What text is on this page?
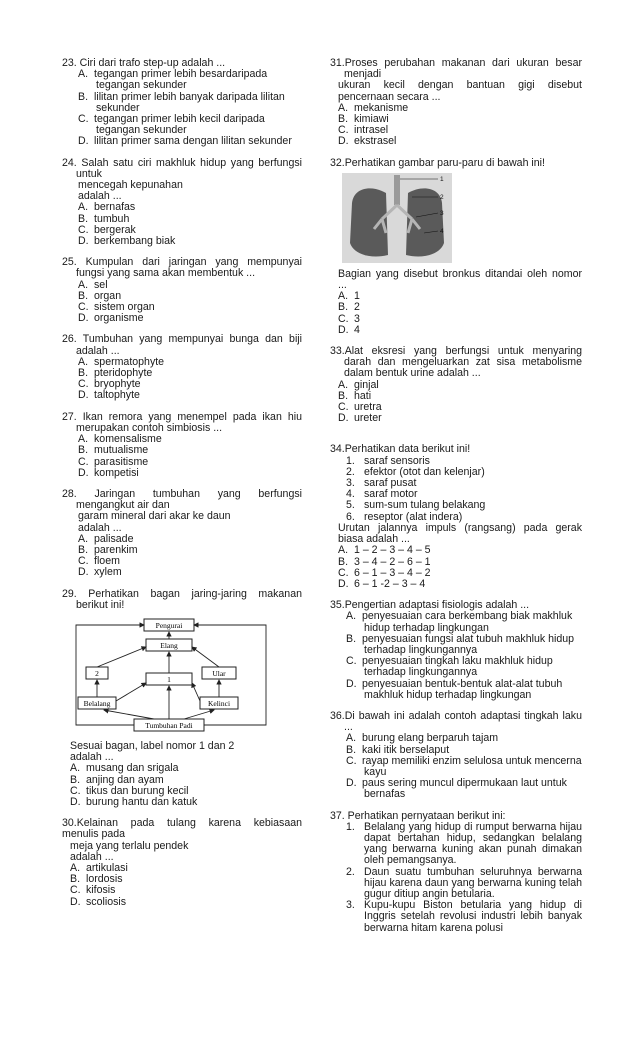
23. Ciri dari trafo step-up adalah ...

A. tegangan primer lebih besardaripada tegangan sekunder

B. lilitan primer lebih banyak daripada lilitan sekunder

C. tegangan primer lebih kecil daripada tegangan sekunder

D. lilitan primer sama dengan lilitan sekunder

24. Salah satu ciri makhluk hidup yang berfungsi untuk

mencegah kepunahan

adalah ...

A. bernafas

B. tumbuh

C. bergerak

D. berkembang biak

25. Kumpulan dari jaringan yang mempunyai fungsi yang sama akan membentuk ...

A. sel

B. organ

C. sistem organ

D. organisme

26. Tumbuhan yang mempunyai bunga dan biji adalah ...

A. spermatophyte

B. pteridophyte

C. bryophyte

D. taltophyte

27. Ikan remora yang menempel pada ikan hiu merupakan contoh simbiosis ...

A. komensalisme

B. mutualisme

C. parasitisme

D. kompetisi

28. Jaringan tumbuhan yang berfungsi mengangkut air dan

garam mineral dari akar ke daun

adalah ...

A. palisade

B. parenkim

C. floem

D. xylem

29. Perhatikan bagan jaring-jaring makanan berikut ini!

Pengurai
Elang
2
1
Ular
Belalang	Kelinci
Tumbuhan Padi

Sesuai bagan, label nomor 1 dan 2

adalah ...

A. musang dan srigala

B. anjing dan ayam

C. tikus dan burung kecil

D. burung hantu dan katuk

30.Kelainan pada tulang karena kebiasaan menulis pada

meja yang terlalu pendek

adalah ...

A. artikulasi

B. lordosis

C. kifosis

D. scoliosis

31.Proses perubahan makanan dari ukuran besar menjadi

ukuran kecil dengan bantuan gigi disebut pencernaan secara ...

A. mekanisme

B. kimiawi

C. intrasel

D. ekstrasel

32.Perhatikan gambar paru-paru di bawah ini!

1
2
3
4

Bagian yang disebut bronkus ditandai oleh nomor ...

A. 1

B. 2

C. 3

D. 4

33.Alat eksresi yang berfungsi untuk menyaring darah dan mengeluarkan zat sisa metabolisme dalam bentuk urine adalah ...

A. ginjal

B. hati

C. uretra

D. ureter

34.Perhatikan data berikut ini!

1. saraf sensoris

2. efektor (otot dan kelenjar)

3. saraf pusat

4. saraf motor

5. sum-sum tulang belakang

6. reseptor (alat indera)

Urutan jalannya impuls (rangsang) pada gerak biasa adalah ...

A. 1 – 2 – 3 – 4 – 5

B. 3 – 4 – 2 – 6 – 1

C. 6 – 1 – 3 – 4 – 2

D. 6 – 1 -2 – 3 – 4

35.Pengertian adaptasi fisiologis adalah ...

A. penyesuaian cara berkembang biak makhluk hidup terhadap lingkungan

B. penyesuaian fungsi alat tubuh makhluk hidup terhadap lingkungannya

C. penyesuaian tingkah laku makhluk hidup terhadap lingkungannya

D. penyesuaian bentuk-bentuk alat-alat tubuh makhluk hidup terhadap lingkungan

36.Di bawah ini adalah contoh adaptasi tingkah laku ...

A. burung elang berparuh tajam

B. kaki itik berselaput

C. rayap memiliki enzim selulosa untuk mencerna kayu

D. paus sering muncul dipermukaan laut untuk bernafas

37. Perhatikan pernyataan berikut ini:

1. Belalang yang hidup di rumput berwarna hijau dapat bertahan hidup, sedangkan belalang yang berwarna kuning akan punah dimakan oleh pemangsanya.

2. Daun suatu tumbuhan seluruhnya berwarna hijau karena daun yang berwarna kuning telah gugur ditiup angin betularia.

3. Kupu-kupu Biston betularia yang hidup di Inggris setelah revolusi industri lebih banyak berwarna hitam karena polusi
